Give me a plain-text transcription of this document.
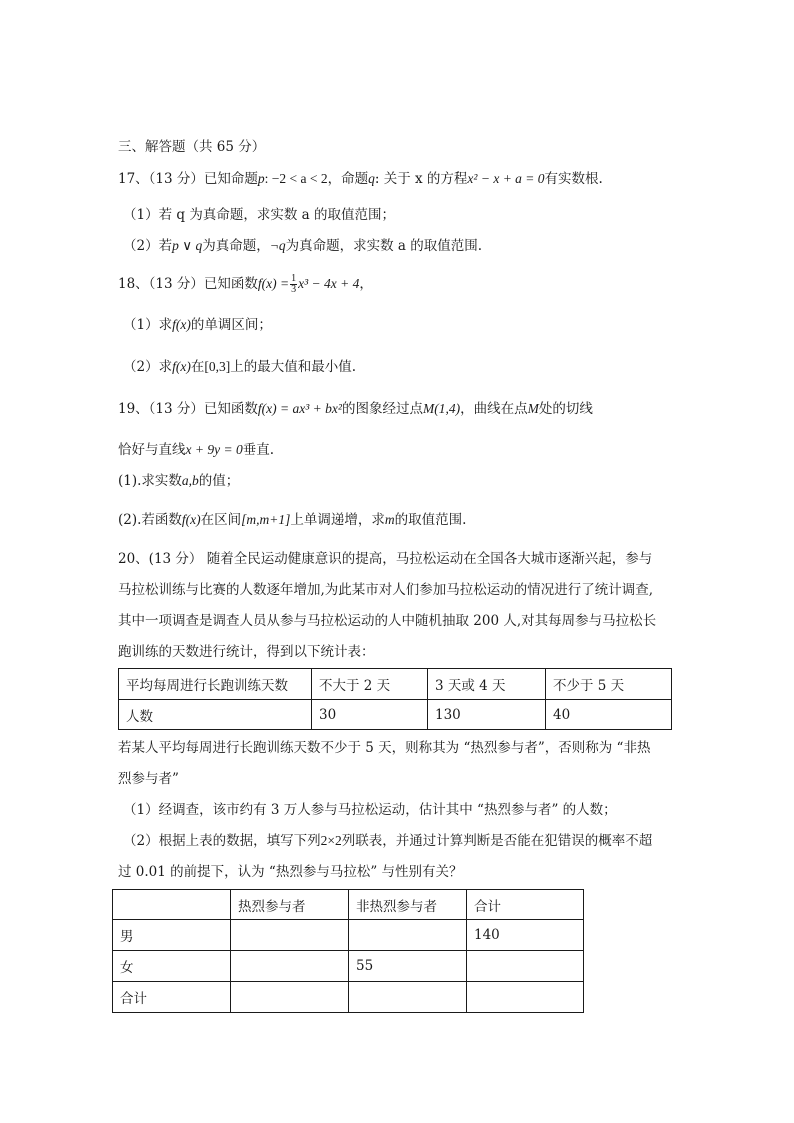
三、解答题（共 65 分）
17、（13 分）已知命题p: −2 < a < 2，命题q: 关于 x 的方程x² − x + a = 0有实数根.
（1）若 q 为真命题，求实数 a 的取值范围；
（2）若p ∨ q为真命题，¬q为真命题，求实数 a 的取值范围.
18、（13 分）已知函数$f(x) = \frac{1}{3} x^3 - 4x + 4$，
（1）求f(x)的单调区间；
（2）求f(x)在[0,3]上的最大值和最小值.
19、（13 分）已知函数f(x) = ax³ + bx²的图象经过点M(1,4)，曲线在点M处的切线
恰好与直线x + 9y = 0垂直.
(1).求实数a,b的值；
(2).若函数f(x)在区间[m,m+1]上单调递增，求m的取值范围.
20、(13 分） 随着全民运动健康意识的提高，马拉松运动在全国各大城市逐渐兴起，参与
马拉松训练与比赛的人数逐年增加,为此某市对人们参加马拉松运动的情况进行了统计调查,
其中一项调查是调查人员从参与马拉松运动的人中随机抽取 200 人,对其每周参与马拉松长
跑训练的天数进行统计，得到以下统计表：
平均每周进行长跑训练天数	不大于 2 天	3 天或 4 天	不少于 5 天
人数	30	130	40
若某人平均每周进行长跑训练天数不少于 5 天，则称其为 “热烈参与者”，否则称为 “非热
烈参与者”
（1）经调查，该市约有 3 万人参与马拉松运动，估计其中 “热烈参与者” 的人数；
（2）根据上表的数据，填写下列2×2列联表，并通过计算判断是否能在犯错误的概率不超
过 0.01 的前提下，认为 “热烈参与马拉松” 与性别有关？
	热烈参与者	非热烈参与者	合计
男			140
女		55	
合计			
